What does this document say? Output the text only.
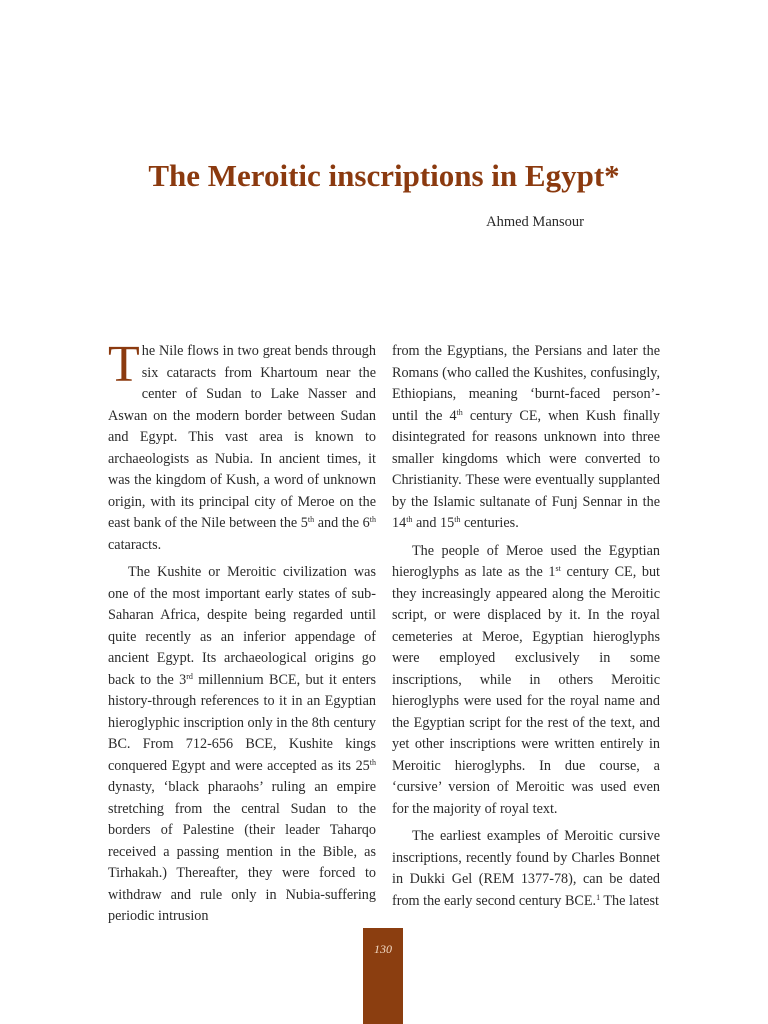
The Meroitic inscriptions in Egypt*
Ahmed Mansour

The Nile flows in two great bends through six cataracts from Khartoum near the center of Sudan to Lake Nasser and Aswan on the modern border between Sudan and Egypt. This vast area is known to archaeologists as Nubia. In ancient times, it was the kingdom of Kush, a word of unknown origin, with its principal city of Meroe on the east bank of the Nile between the 5th and the 6th cataracts.

The Kushite or Meroitic civilization was one of the most important early states of sub-Saharan Africa, despite being regarded until quite recently as an inferior appendage of ancient Egypt. Its archaeological origins go back to the 3rd millennium BCE, but it enters history-through references to it in an Egyptian hieroglyphic inscription only in the 8th century BC. From 712-656 BCE, Kushite kings conquered Egypt and were accepted as its 25th dynasty, ‘black pharaohs’ ruling an empire stretching from the central Sudan to the borders of Palestine (their leader Taharqo received a passing mention in the Bible, as Tirhakah.) Thereafter, they were forced to withdraw and rule only in Nubia-suffering periodic intrusion

from the Egyptians, the Persians and later the Romans (who called the Kushites, confusingly, Ethiopians, meaning ‘burnt-faced person’- until the 4th century CE, when Kush finally disintegrated for reasons unknown into three smaller kingdoms which were converted to Christianity. These were eventually supplanted by the Islamic sultanate of Funj Sennar in the 14th and 15th centuries.

The people of Meroe used the Egyptian hieroglyphs as late as the 1st century CE, but they increasingly appeared along the Meroitic script, or were displaced by it. In the royal cemeteries at Meroe, Egyptian hieroglyphs were employed exclusively in some inscriptions, while in others Meroitic hieroglyphs were used for the royal name and the Egyptian script for the rest of the text, and yet other inscriptions were written entirely in Meroitic hieroglyphs. In due course, a ‘cursive’ version of Meroitic was used even for the majority of royal text.

The earliest examples of Meroitic cursive inscriptions, recently found by Charles Bonnet in Dukki Gel (REM 1377-78), can be dated from the early second century BCE.$^1$ The latest

130
